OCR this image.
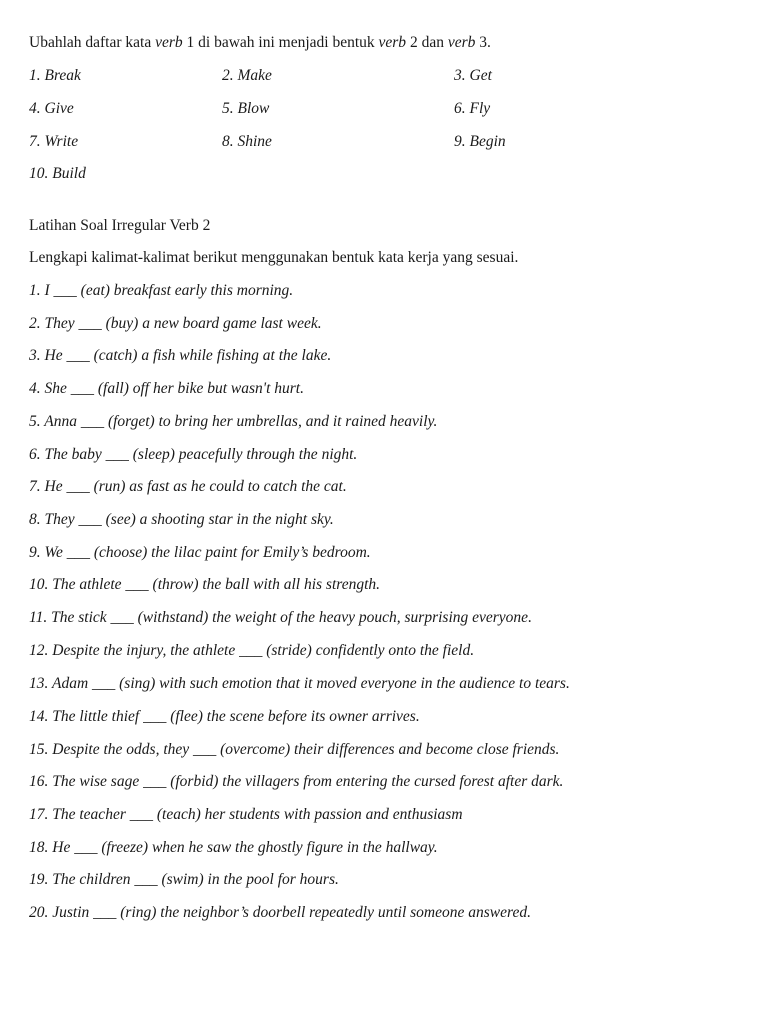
Ubahlah daftar kata verb 1 di bawah ini menjadi bentuk verb 2 dan verb 3.
1. Break	2. Make	3. Get
4. Give	5. Blow	6. Fly
7. Write	8. Shine	9. Begin
10. Build
Latihan Soal Irregular Verb 2
Lengkapi kalimat-kalimat berikut menggunakan bentuk kata kerja yang sesuai.
1. I ___ (eat) breakfast early this morning.
2. They ___ (buy) a new board game last week.
3. He ___ (catch) a fish while fishing at the lake.
4. She ___ (fall) off her bike but wasn't hurt.
5. Anna ___ (forget) to bring her umbrellas, and it rained heavily.
6. The baby ___ (sleep) peacefully through the night.
7. He ___ (run) as fast as he could to catch the cat.
8. They ___ (see) a shooting star in the night sky.
9. We ___ (choose) the lilac paint for Emily’s bedroom.
10. The athlete ___ (throw) the ball with all his strength.
11. The stick ___ (withstand) the weight of the heavy pouch, surprising everyone.
12. Despite the injury, the athlete ___ (stride) confidently onto the field.
13. Adam ___ (sing) with such emotion that it moved everyone in the audience to tears.
14. The little thief ___ (flee) the scene before its owner arrives.
15. Despite the odds, they ___ (overcome) their differences and become close friends.
16. The wise sage ___ (forbid) the villagers from entering the cursed forest after dark.
17. The teacher ___ (teach) her students with passion and enthusiasm
18. He ___ (freeze) when he saw the ghostly figure in the hallway.
19. The children ___ (swim) in the pool for hours.
20. Justin ___ (ring) the neighbor’s doorbell repeatedly until someone answered.
